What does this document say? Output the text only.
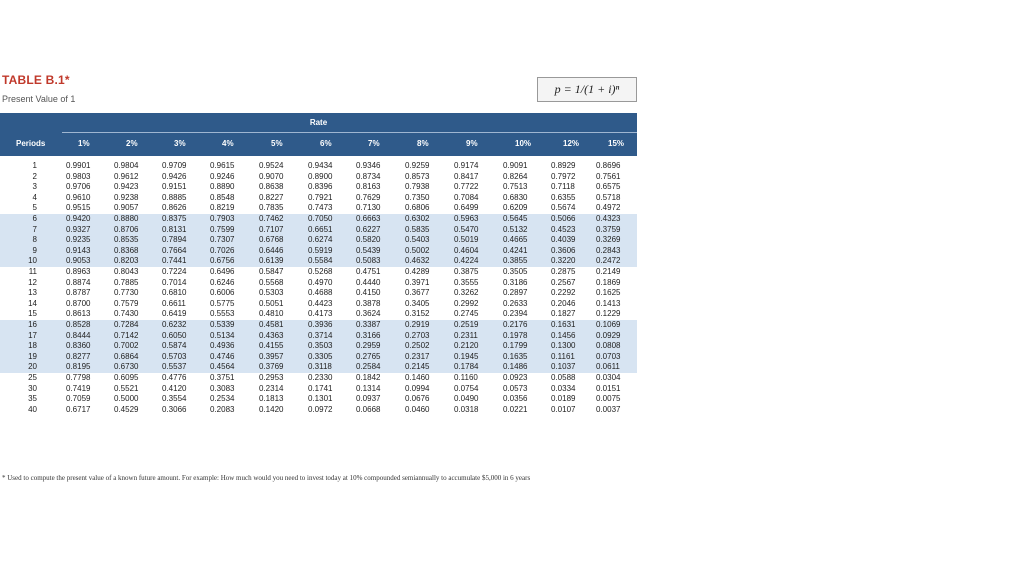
TABLE B.1*
Present Value of 1
p = 1/(1 + i)ⁿ
Rate
Periods	1%	2%	3%	4%	5%	6%	7%	8%	9%	10%	12%	15%
1	0.9901	0.9804	0.9709	0.9615	0.9524	0.9434	0.9346	0.9259	0.9174	0.9091	0.8929	0.8696
2	0.9803	0.9612	0.9426	0.9246	0.9070	0.8900	0.8734	0.8573	0.8417	0.8264	0.7972	0.7561
3	0.9706	0.9423	0.9151	0.8890	0.8638	0.8396	0.8163	0.7938	0.7722	0.7513	0.7118	0.6575
4	0.9610	0.9238	0.8885	0.8548	0.8227	0.7921	0.7629	0.7350	0.7084	0.6830	0.6355	0.5718
5	0.9515	0.9057	0.8626	0.8219	0.7835	0.7473	0.7130	0.6806	0.6499	0.6209	0.5674	0.4972
6	0.9420	0.8880	0.8375	0.7903	0.7462	0.7050	0.6663	0.6302	0.5963	0.5645	0.5066	0.4323
7	0.9327	0.8706	0.8131	0.7599	0.7107	0.6651	0.6227	0.5835	0.5470	0.5132	0.4523	0.3759
8	0.9235	0.8535	0.7894	0.7307	0.6768	0.6274	0.5820	0.5403	0.5019	0.4665	0.4039	0.3269
9	0.9143	0.8368	0.7664	0.7026	0.6446	0.5919	0.5439	0.5002	0.4604	0.4241	0.3606	0.2843
10	0.9053	0.8203	0.7441	0.6756	0.6139	0.5584	0.5083	0.4632	0.4224	0.3855	0.3220	0.2472
11	0.8963	0.8043	0.7224	0.6496	0.5847	0.5268	0.4751	0.4289	0.3875	0.3505	0.2875	0.2149
12	0.8874	0.7885	0.7014	0.6246	0.5568	0.4970	0.4440	0.3971	0.3555	0.3186	0.2567	0.1869
13	0.8787	0.7730	0.6810	0.6006	0.5303	0.4688	0.4150	0.3677	0.3262	0.2897	0.2292	0.1625
14	0.8700	0.7579	0.6611	0.5775	0.5051	0.4423	0.3878	0.3405	0.2992	0.2633	0.2046	0.1413
15	0.8613	0.7430	0.6419	0.5553	0.4810	0.4173	0.3624	0.3152	0.2745	0.2394	0.1827	0.1229
16	0.8528	0.7284	0.6232	0.5339	0.4581	0.3936	0.3387	0.2919	0.2519	0.2176	0.1631	0.1069
17	0.8444	0.7142	0.6050	0.5134	0.4363	0.3714	0.3166	0.2703	0.2311	0.1978	0.1456	0.0929
18	0.8360	0.7002	0.5874	0.4936	0.4155	0.3503	0.2959	0.2502	0.2120	0.1799	0.1300	0.0808
19	0.8277	0.6864	0.5703	0.4746	0.3957	0.3305	0.2765	0.2317	0.1945	0.1635	0.1161	0.0703
20	0.8195	0.6730	0.5537	0.4564	0.3769	0.3118	0.2584	0.2145	0.1784	0.1486	0.1037	0.0611
25	0.7798	0.6095	0.4776	0.3751	0.2953	0.2330	0.1842	0.1460	0.1160	0.0923	0.0588	0.0304
30	0.7419	0.5521	0.4120	0.3083	0.2314	0.1741	0.1314	0.0994	0.0754	0.0573	0.0334	0.0151
35	0.7059	0.5000	0.3554	0.2534	0.1813	0.1301	0.0937	0.0676	0.0490	0.0356	0.0189	0.0075
40	0.6717	0.4529	0.3066	0.2083	0.1420	0.0972	0.0668	0.0460	0.0318	0.0221	0.0107	0.0037
* Used to compute the present value of a known future amount. For example: How much would you need to invest today at 10% compounded semiannually to accumulate $5,000 in 6 years
